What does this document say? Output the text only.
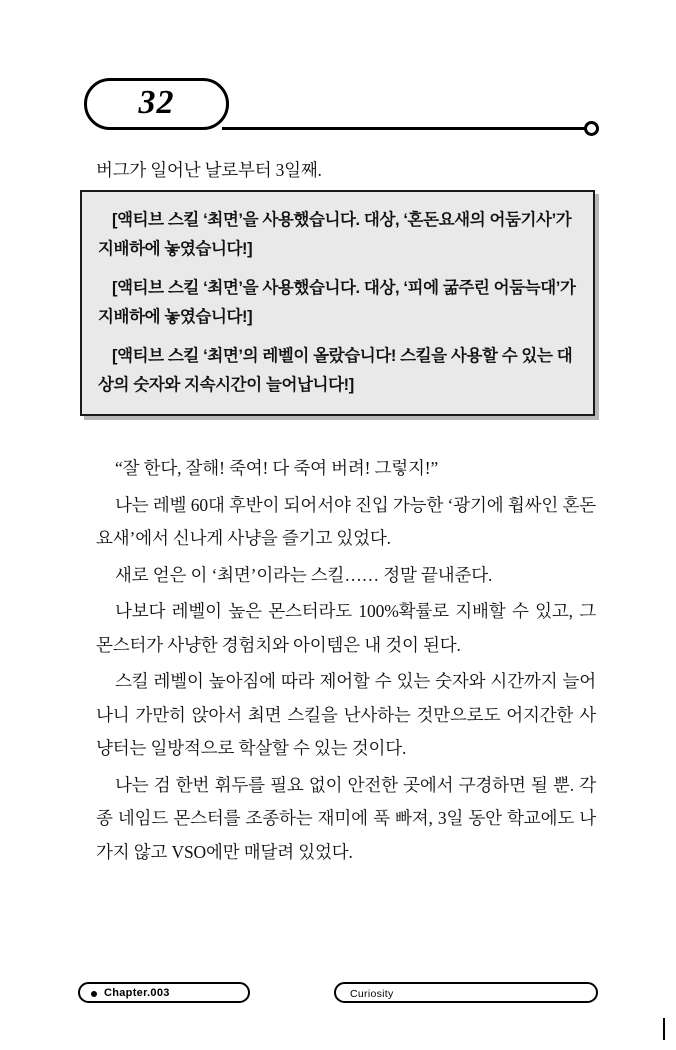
32
버그가 일어난 날로부터 3일째.

[액티브 스킬 ‘최면’을 사용했습니다. 대상, ‘혼돈요새의 어둠기사’가 지배하에 놓였습니다!]

[액티브 스킬 ‘최면’을 사용했습니다. 대상, ‘피에 굶주린 어둠늑대’가 지배하에 놓였습니다!]

[액티브 스킬 ‘최면’의 레벨이 올랐습니다! 스킬을 사용할 수 있는 대상의 숫자와 지속시간이 늘어납니다!]

“잘 한다, 잘해! 죽여! 다 죽여 버려! 그렇지!”

나는 레벨 60대 후반이 되어서야 진입 가능한 ‘광기에 휩싸인 혼돈요새’에서 신나게 사냥을 즐기고 있었다.

새로 얻은 이 ‘최면’이라는 스킬…… 정말 끝내준다.

나보다 레벨이 높은 몬스터라도 100%확률로 지배할 수 있고, 그 몬스터가 사냥한 경험치와 아이템은 내 것이 된다.

스킬 레벨이 높아짐에 따라 제어할 수 있는 숫자와 시간까지 늘어나니 가만히 앉아서 최면 스킬을 난사하는 것만으로도 어지간한 사냥터는 일방적으로 학살할 수 있는 것이다.

나는 검 한번 휘두를 필요 없이 안전한 곳에서 구경하면 될 뿐. 각종 네임드 몬스터를 조종하는 재미에 푹 빠져, 3일 동안 학교에도 나가지 않고 VSO에만 매달려 있었다.

Chapter.003	Curiosity
